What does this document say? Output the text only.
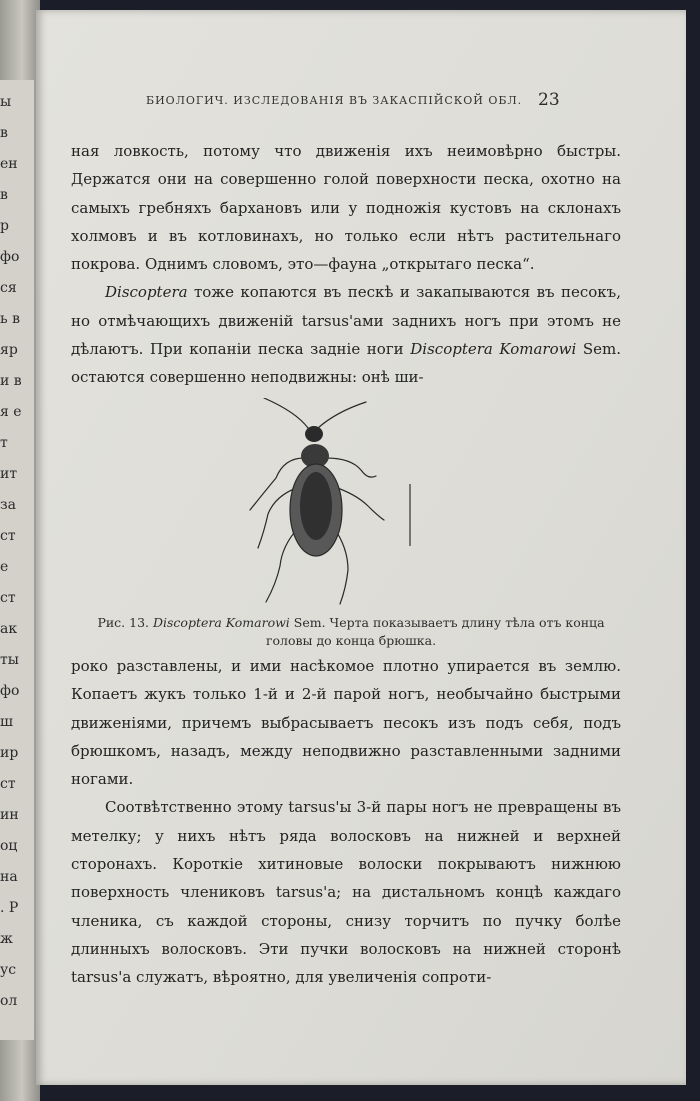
ы
в
ен
в
р
фо
ся
ь в
яр
и в
я е
т
ит
за
ст
е
ст
ак
ты
фо
ш
ир
ст
ин
оц
на
. Р
ж
ус
ол
БИОЛОГИЧ. ИЗСЛЕДОВАНІЯ ВЪ ЗАКАСПІЙСКОЙ ОБЛ. 23

ная ловкость, потому что движенія ихъ неимовѣрно быстры. Держатся они на совершенно голой поверхности песка, охотно на самыхъ гребняхъ бархановъ или у подножія кустовъ на склонахъ холмовъ и въ котловинахъ, но только если нѣтъ растительнаго покрова. Однимъ словомъ, это—фауна „открытаго песка“.

Discoptera тоже копаются въ пескѣ и закапываются въ песокъ, но отмѣчающихъ движеній tarsus'ами заднихъ ногъ при этомъ не дѣлаютъ. При копаніи песка задніе ноги Discoptera Komarowi Sem. остаются совершенно неподвижны: онѣ ши-

Рис. 13. Discoptera Komarowi Sem. Черта показываетъ длину тѣла отъ конца головы до конца брюшка.

роко разставлены, и ими насѣкомое плотно упирается въ землю. Копаетъ жукъ только 1-й и 2-й парой ногъ, необычайно быстрыми движеніями, причемъ выбрасываетъ песокъ изъ подъ себя, подъ брюшкомъ, назадъ, между неподвижно разставленными задними ногами.

Соотвѣтственно этому tarsus'ы 3-й пары ногъ не превращены въ метелку; у нихъ нѣтъ ряда волосковъ на нижней и верхней сторонахъ. Короткіе хитиновые волоски покрываютъ нижнюю поверхность члениковъ tarsus'а; на дистальномъ концѣ каждаго членика, съ каждой стороны, снизу торчитъ по пучку болѣе длинныхъ волосковъ. Эти пучки волосковъ на нижней сторонѣ tarsus'а служатъ, вѣроятно, для увеличенія сопроти-
